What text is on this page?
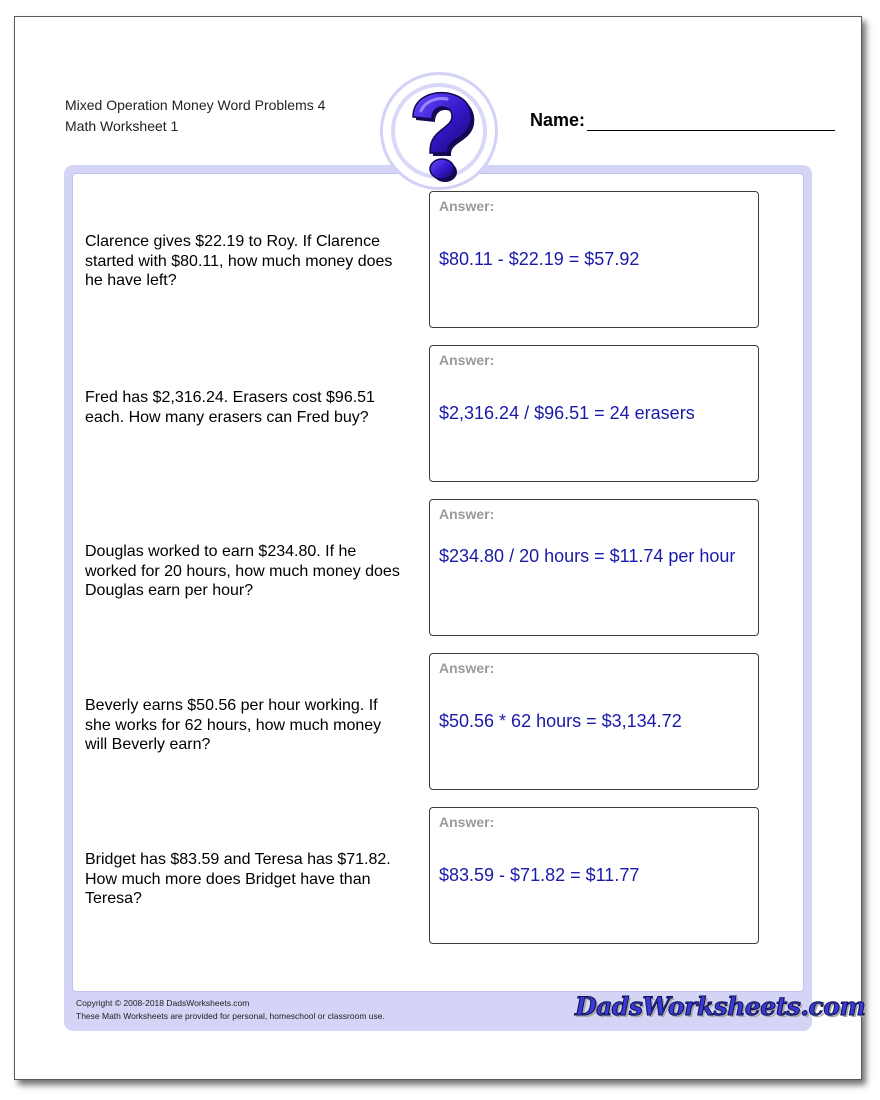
Mixed Operation Money Word Problems 4

Math Worksheet 1	Name:
Clarence gives $22.19 to Roy. If Clarence started with $80.11, how much money does he have left?
Answer:
$80.11 - $22.19 = $57.92
Fred has $2,316.24. Erasers cost $96.51 each. How many erasers can Fred buy?
Answer:
$2,316.24 / $96.51 = 24 erasers
Douglas worked to earn $234.80. If he worked for 20 hours, how much money does Douglas earn per hour?
Answer:
$234.80 / 20 hours = $11.74 per hour
Beverly earns $50.56 per hour working. If she works for 62 hours, how much money will Beverly earn?
Answer:
$50.56 * 62 hours = $3,134.72
Bridget has $83.59 and Teresa has $71.82. How much more does Bridget have than Teresa?
Answer:
$83.59 - $71.82 = $11.77
Copyright © 2008-2018 DadsWorksheets.com
These Math Worksheets are provided for personal, homeschool or classroom use.	DadsWorksheets.com
